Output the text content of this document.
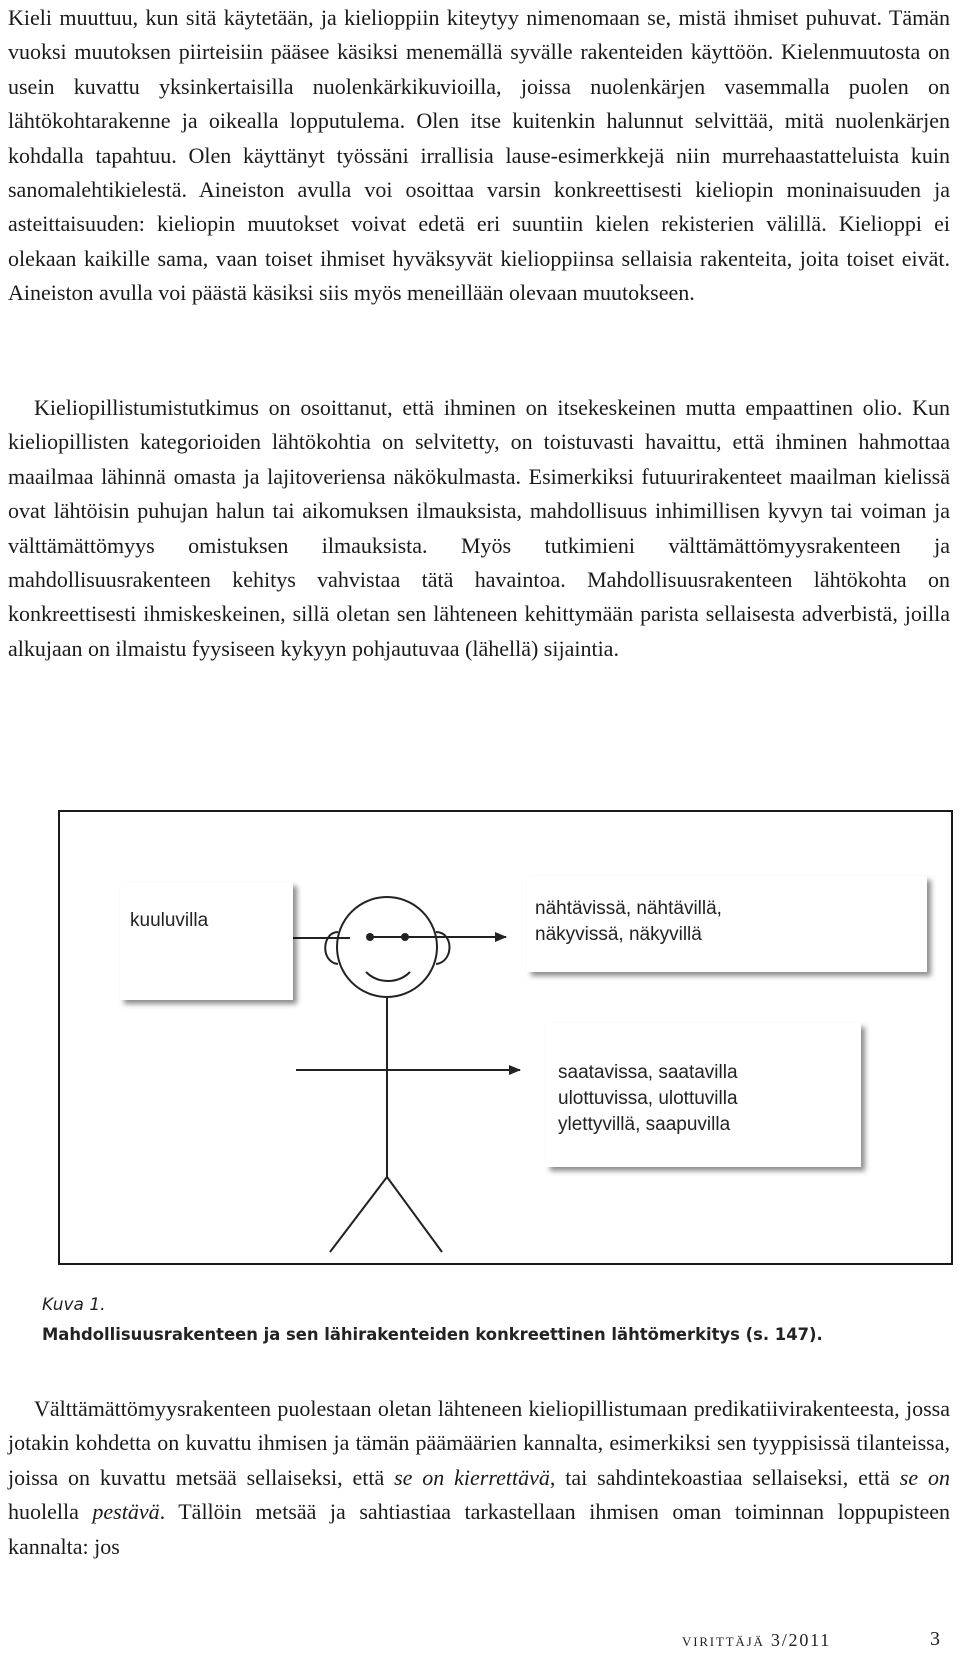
Kieli muuttuu, kun sitä käytetään, ja kielioppiin kiteytyy nimenomaan se, mistä ihmiset puhuvat. Tämän vuoksi muutoksen piirteisiin pääsee käsiksi menemällä syvälle rakenteiden käyttöön. Kielenmuutosta on usein kuvattu yksinkertaisilla nuolenkärkikuvioilla, joissa nuolenkärjen vasemmalla puolen on lähtökohtarakenne ja oikealla lopputulema. Olen itse kuitenkin halunnut selvittää, mitä nuolenkärjen kohdalla tapahtuu. Olen käyttänyt työssäni irrallisia lause-esimerkkejä niin murrehaastatteluista kuin sanomalehtikielestä. Aineiston avulla voi osoittaa varsin konkreettisesti kieliopin moninaisuuden ja asteittaisuuden: kieliopin muutokset voivat edetä eri suuntiin kielen rekisterien välillä. Kielioppi ei olekaan kaikille sama, vaan toiset ihmiset hyväksyvät kielioppiinsa sellaisia rakenteita, joita toiset eivät. Aineiston avulla voi päästä käsiksi siis myös meneillään olevaan muutokseen.

Kieliopillistumistutkimus on osoittanut, että ihminen on itsekeskeinen mutta empaattinen olio. Kun kieliopillisten kategorioiden lähtökohtia on selvitetty, on toistuvasti havaittu, että ihminen hahmottaa maailmaa lähinnä omasta ja lajitoveriensa näkökulmasta. Esimerkiksi futuurirakenteet maailman kielissä ovat lähtöisin puhujan halun tai aikomuksen ilmauksista, mahdollisuus inhimillisen kyvyn tai voiman ja välttämättömyys omistuksen ilmauksista. Myös tutkimieni välttämättömyysrakenteen ja mahdollisuusrakenteen kehitys vahvistaa tätä havaintoa. Mahdollisuusrakenteen lähtökohta on konkreettisesti ihmiskeskeinen, sillä oletan sen lähteneen kehittymään parista sellaisesta adverbistä, joilla alkujaan on ilmaistu fyysiseen kykyyn pohjautuvaa (lähellä) sijaintia.

kuuluvilla
nähtävissä, nähtävillä,
näkyvissä, näkyvillä
saatavissa, saatavilla
ulottuvissa, ulottuvilla
ylettyvillä, saapuvilla
Kuva 1.
Mahdollisuusrakenteen ja sen lähirakenteiden konkreettinen lähtömerkitys (s. 147).

Välttämättömyysrakenteen puolestaan oletan lähteneen kieliopillistumaan predikatiivirakenteesta, jossa jotakin kohdetta on kuvattu ihmisen ja tämän päämäärien kannalta, esimerkiksi sen tyyppisissä tilanteissa, joissa on kuvattu metsää sellaiseksi, että se on kierrettävä, tai sahdintekoastiaa sellaiseksi, että se on huolella pestävä. Tällöin metsää ja sahtiastiaa tarkastellaan ihmisen oman toiminnan loppupisteen kannalta: jos

virittäjä 3/2011	3
